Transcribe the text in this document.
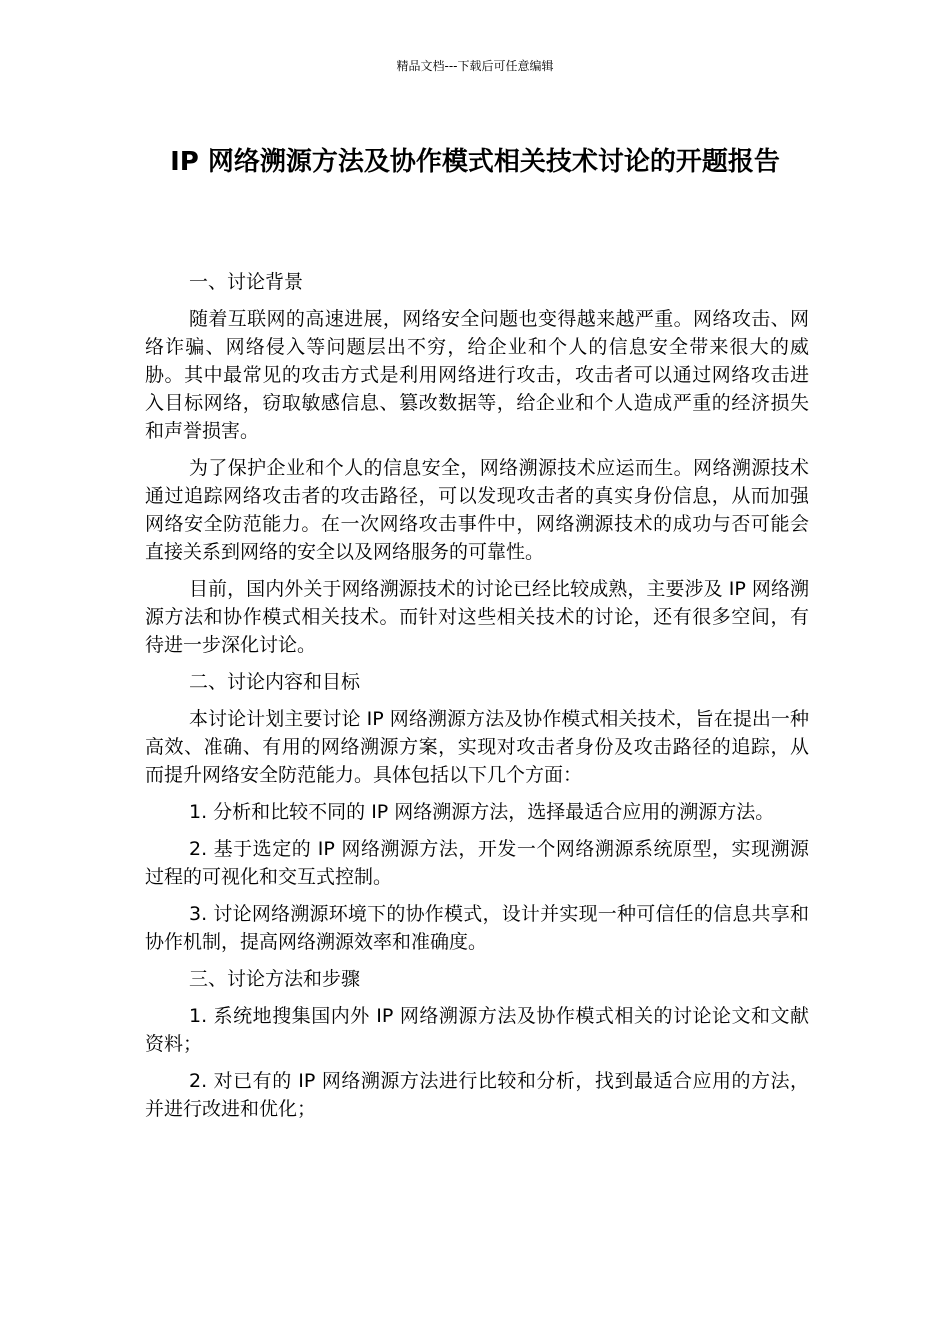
精品文档---下载后可任意编辑
IP 网络溯源方法及协作模式相关技术讨论的开题报告

一、讨论背景

随着互联网的高速进展，网络安全问题也变得越来越严重。网络攻击、网络诈骗、网络侵入等问题层出不穷，给企业和个人的信息安全带来很大的威胁。其中最常见的攻击方式是利用网络进行攻击，攻击者可以通过网络攻击进入目标网络，窃取敏感信息、篡改数据等，给企业和个人造成严重的经济损失和声誉损害。

为了保护企业和个人的信息安全，网络溯源技术应运而生。网络溯源技术通过追踪网络攻击者的攻击路径，可以发现攻击者的真实身份信息，从而加强网络安全防范能力。在一次网络攻击事件中，网络溯源技术的成功与否可能会直接关系到网络的安全以及网络服务的可靠性。

目前，国内外关于网络溯源技术的讨论已经比较成熟，主要涉及 IP 网络溯源方法和协作模式相关技术。而针对这些相关技术的讨论，还有很多空间，有待进一步深化讨论。

二、讨论内容和目标

本讨论计划主要讨论 IP 网络溯源方法及协作模式相关技术，旨在提出一种高效、准确、有用的网络溯源方案，实现对攻击者身份及攻击路径的追踪，从而提升网络安全防范能力。具体包括以下几个方面：

1. 分析和比较不同的 IP 网络溯源方法，选择最适合应用的溯源方法。

2. 基于选定的 IP 网络溯源方法，开发一个网络溯源系统原型，实现溯源过程的可视化和交互式控制。

3. 讨论网络溯源环境下的协作模式，设计并实现一种可信任的信息共享和协作机制，提高网络溯源效率和准确度。

三、讨论方法和步骤

1. 系统地搜集国内外 IP 网络溯源方法及协作模式相关的讨论论文和文献资料；

2. 对已有的 IP 网络溯源方法进行比较和分析，找到最适合应用的方法，并进行改进和优化；
